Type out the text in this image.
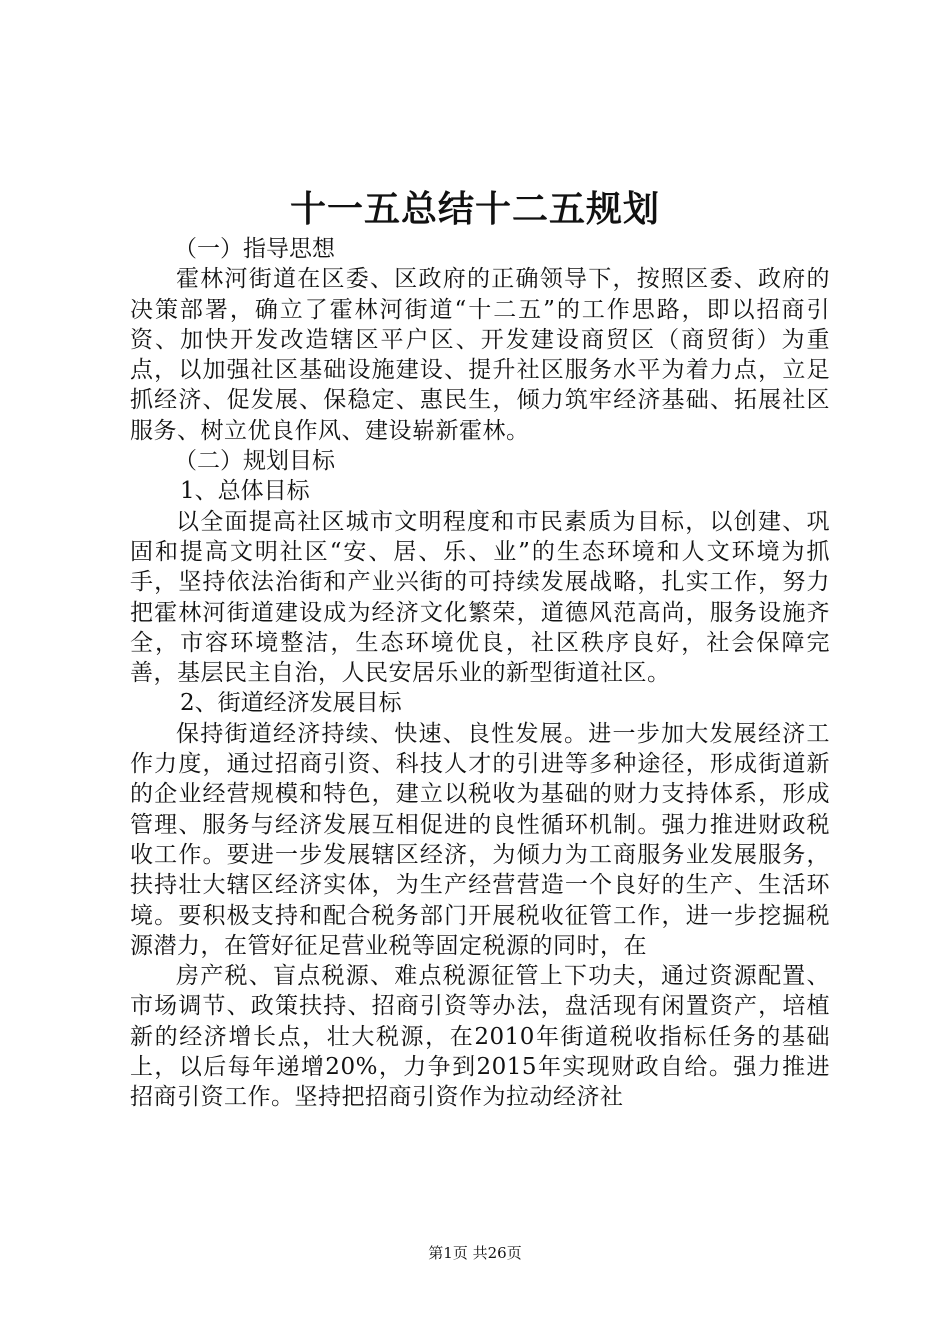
十一五总结十二五规划

（一）指导思想

霍林河街道在区委、区政府的正确领导下，按照区委、政府的决策部署，确立了霍林河街道“十二五”的工作思路，即以招商引资、加快开发改造辖区平户区、开发建设商贸区（商贸街）为重点，以加强社区基础设施建设、提升社区服务水平为着力点，立足抓经济、促发展、保稳定、惠民生，倾力筑牢经济基础、拓展社区服务、树立优良作风、建设崭新霍林。

（二）规划目标

1、总体目标

以全面提高社区城市文明程度和市民素质为目标，以创建、巩固和提高文明社区“安、居、乐、业”的生态环境和人文环境为抓手，坚持依法治街和产业兴街的可持续发展战略，扎实工作，努力把霍林河街道建设成为经济文化繁荣，道德风范高尚，服务设施齐全，市容环境整洁，生态环境优良，社区秩序良好，社会保障完善，基层民主自治，人民安居乐业的新型街道社区。

2、街道经济发展目标

保持街道经济持续、快速、良性发展。进一步加大发展经济工作力度，通过招商引资、科技人才的引进等多种途径，形成街道新的企业经营规模和特色，建立以税收为基础的财力支持体系，形成管理、服务与经济发展互相促进的良性循环机制。强力推进财政税收工作。要进一步发展辖区经济，为倾力为工商服务业发展服务，扶持壮大辖区经济实体，为生产经营营造一个良好的生产、生活环境。要积极支持和配合税务部门开展税收征管工作，进一步挖掘税源潜力，在管好征足营业税等固定税源的同时，在

房产税、盲点税源、难点税源征管上下功夫，通过资源配置、市场调节、政策扶持、招商引资等办法，盘活现有闲置资产，培植新的经济增长点，壮大税源，在2010年街道税收指标任务的基础上，以后每年递增20%，力争到2015年实现财政自给。强力推进招商引资工作。坚持把招商引资作为拉动经济社

第1页 共26页
